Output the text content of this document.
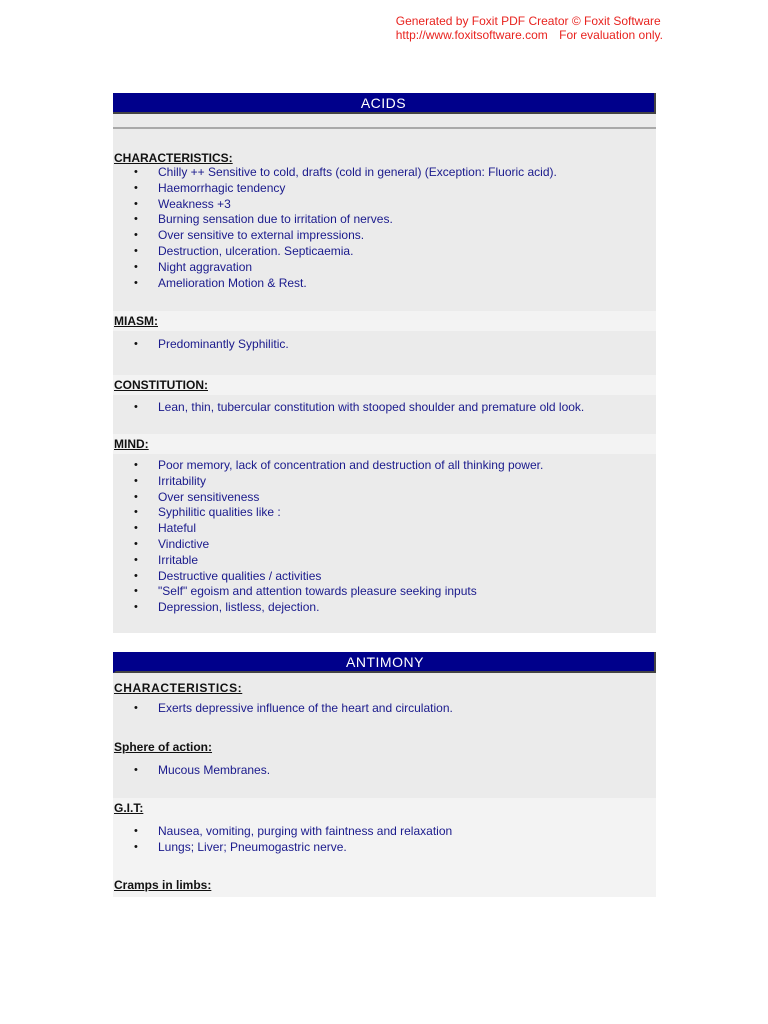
Generated by Foxit PDF Creator © Foxit Software
http://www.foxitsoftware.com For evaluation only.
ACIDS

CHARACTERISTICS:

• Chilly ++ Sensitive to cold, drafts (cold in general) (Exception: Fluoric acid).
• Haemorrhagic tendency
• Weakness +3
• Burning sensation due to irritation of nerves.
• Over sensitive to external impressions.
• Destruction, ulceration. Septicaemia.
• Night aggravation
• Amelioration Motion & Rest.

MIASM:

• Predominantly Syphilitic.

CONSTITUTION:

• Lean, thin, tubercular constitution with stooped shoulder and premature old look.

MIND:

• Poor memory, lack of concentration and destruction of all thinking power.
• Irritability
• Over sensitiveness
• Syphilitic qualities like :
• Hateful
• Vindictive
• Irritable
• Destructive qualities / activities
• "Self" egoism and attention towards pleasure seeking inputs
• Depression, listless, dejection.
ANTIMONY

CHARACTERISTICS:

• Exerts depressive influence of the heart and circulation.

Sphere of action:

• Mucous Membranes.

G.I.T:

• Nausea, vomiting, purging with faintness and relaxation
• Lungs; Liver; Pneumogastric nerve.

Cramps in limbs:
